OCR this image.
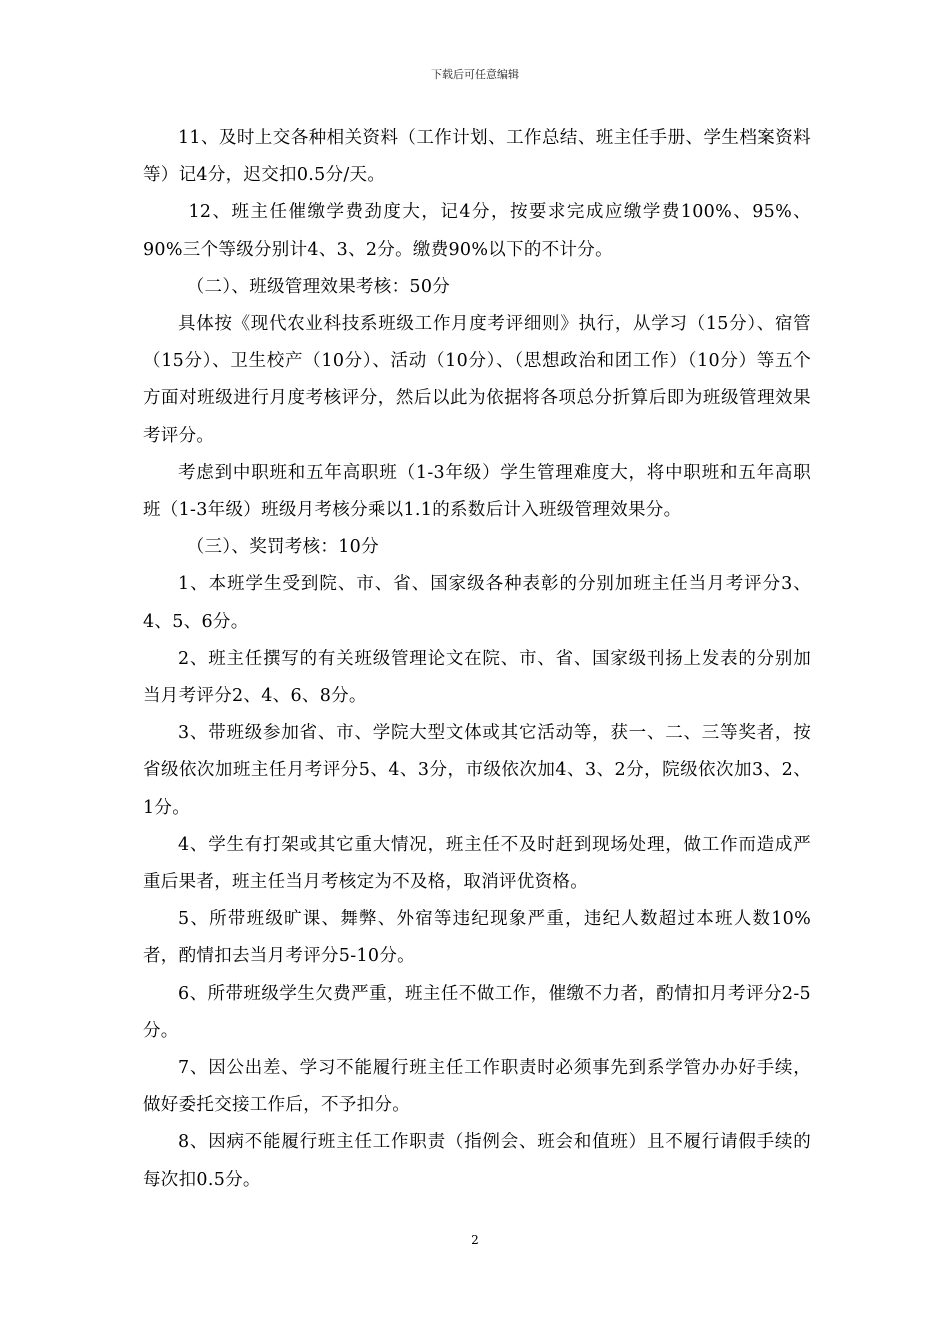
下载后可任意编辑

11、及时上交各种相关资料（工作计划、工作总结、班主任手册、学生档案资料等）记4分，迟交扣0.5分/天。

12、班主任催缴学费劲度大，记4分，按要求完成应缴学费100%、95%、90%三个等级分别计4、3、2分。缴费90%以下的不计分。

（二）、班级管理效果考核：50分

具体按《现代农业科技系班级工作月度考评细则》执行，从学习（15分）、宿管（15分）、卫生校产（10分）、活动（10分）、（思想政治和团工作）（10分）等五个方面对班级进行月度考核评分，然后以此为依据将各项总分折算后即为班级管理效果考评分。

考虑到中职班和五年高职班（1-3年级）学生管理难度大，将中职班和五年高职班（1-3年级）班级月考核分乘以1.1的系数后计入班级管理效果分。

（三）、奖罚考核：10分

1、本班学生受到院、市、省、国家级各种表彰的分别加班主任当月考评分3、4、5、6分。

2、班主任撰写的有关班级管理论文在院、市、省、国家级刊扬上发表的分别加当月考评分2、4、6、8分。

3、带班级参加省、市、学院大型文体或其它活动等，获一、二、三等奖者，按省级依次加班主任月考评分5、4、3分，市级依次加4、3、2分，院级依次加3、2、1分。

4、学生有打架或其它重大情况，班主任不及时赶到现场处理，做工作而造成严重后果者，班主任当月考核定为不及格，取消评优资格。

5、所带班级旷课、舞弊、外宿等违纪现象严重，违纪人数超过本班人数10%者，酌情扣去当月考评分5-10分。

6、所带班级学生欠费严重，班主任不做工作，催缴不力者，酌情扣月考评分2-5分。

7、因公出差、学习不能履行班主任工作职责时必须事先到系学管办办好手续，做好委托交接工作后，不予扣分。

8、因病不能履行班主任工作职责（指例会、班会和值班）且不履行请假手续的每次扣0.5分。

2
